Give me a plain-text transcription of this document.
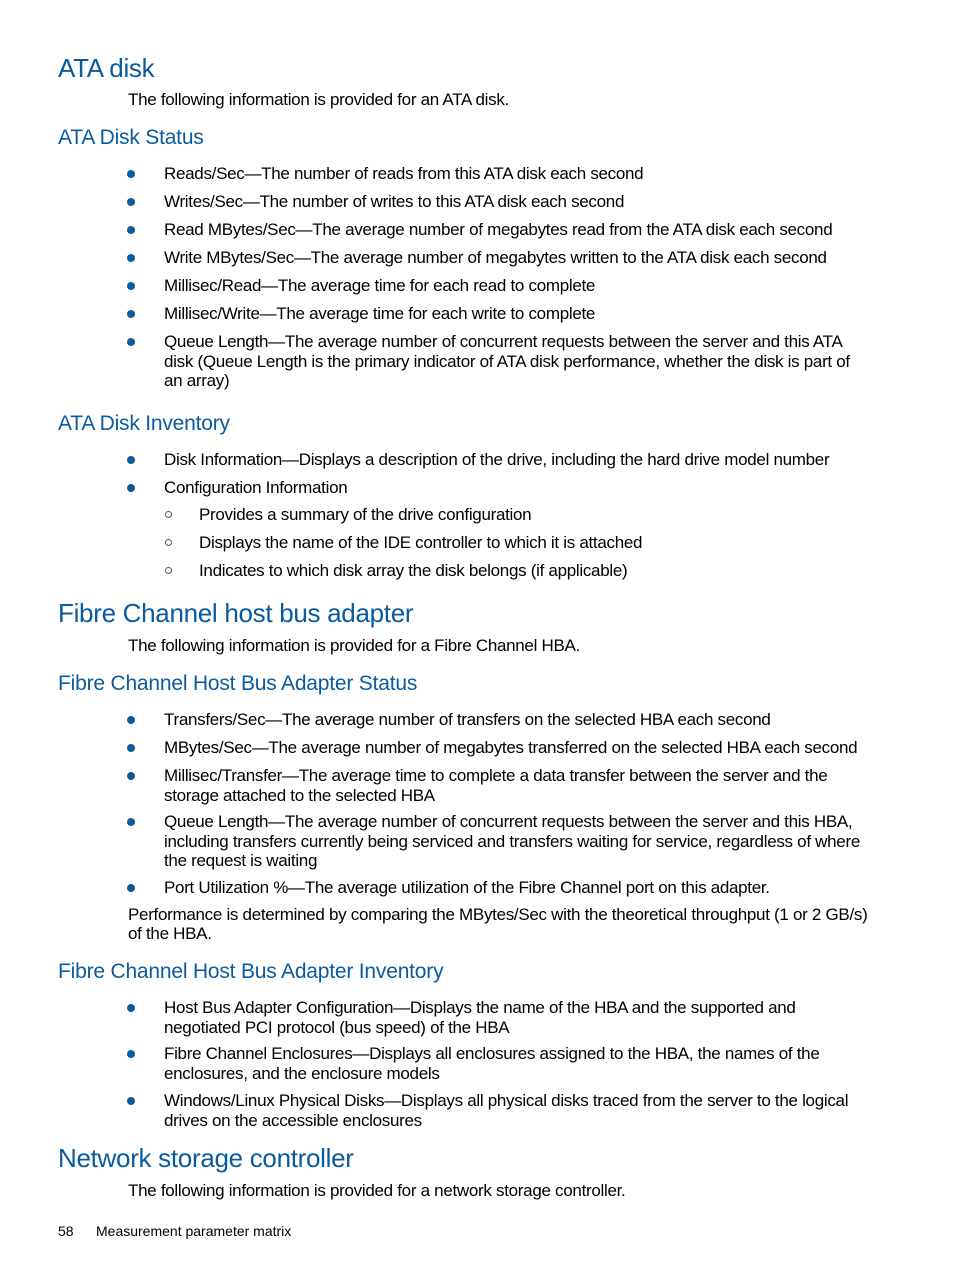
ATA disk

The following information is provided for an ATA disk.

ATA Disk Status

Reads/Sec—The number of reads from this ATA disk each second

Writes/Sec—The number of writes to this ATA disk each second

Read MBytes/Sec—The average number of megabytes read from the ATA disk each second

Write MBytes/Sec—The average number of megabytes written to the ATA disk each second

Millisec/Read—The average time for each read to complete

Millisec/Write—The average time for each write to complete

Queue Length—The average number of concurrent requests between the server and this ATA disk (Queue Length is the primary indicator of ATA disk performance, whether the disk is part of an array)

ATA Disk Inventory

Disk Information—Displays a description of the drive, including the hard drive model number

Configuration Information

Provides a summary of the drive configuration

Displays the name of the IDE controller to which it is attached

Indicates to which disk array the disk belongs (if applicable)

Fibre Channel host bus adapter

The following information is provided for a Fibre Channel HBA.

Fibre Channel Host Bus Adapter Status

Transfers/Sec—The average number of transfers on the selected HBA each second

MBytes/Sec—The average number of megabytes transferred on the selected HBA each second

Millisec/Transfer—The average time to complete a data transfer between the server and the storage attached to the selected HBA

Queue Length—The average number of concurrent requests between the server and this HBA, including transfers currently being serviced and transfers waiting for service, regardless of where the request is waiting

Port Utilization %—The average utilization of the Fibre Channel port on this adapter.

Performance is determined by comparing the MBytes/Sec with the theoretical throughput (1 or 2 GB/s) of the HBA.

Fibre Channel Host Bus Adapter Inventory

Host Bus Adapter Configuration—Displays the name of the HBA and the supported and negotiated PCI protocol (bus speed) of the HBA

Fibre Channel Enclosures—Displays all enclosures assigned to the HBA, the names of the enclosures, and the enclosure models

Windows/Linux Physical Disks—Displays all physical disks traced from the server to the logical drives on the accessible enclosures

Network storage controller

The following information is provided for a network storage controller.

58 Measurement parameter matrix
